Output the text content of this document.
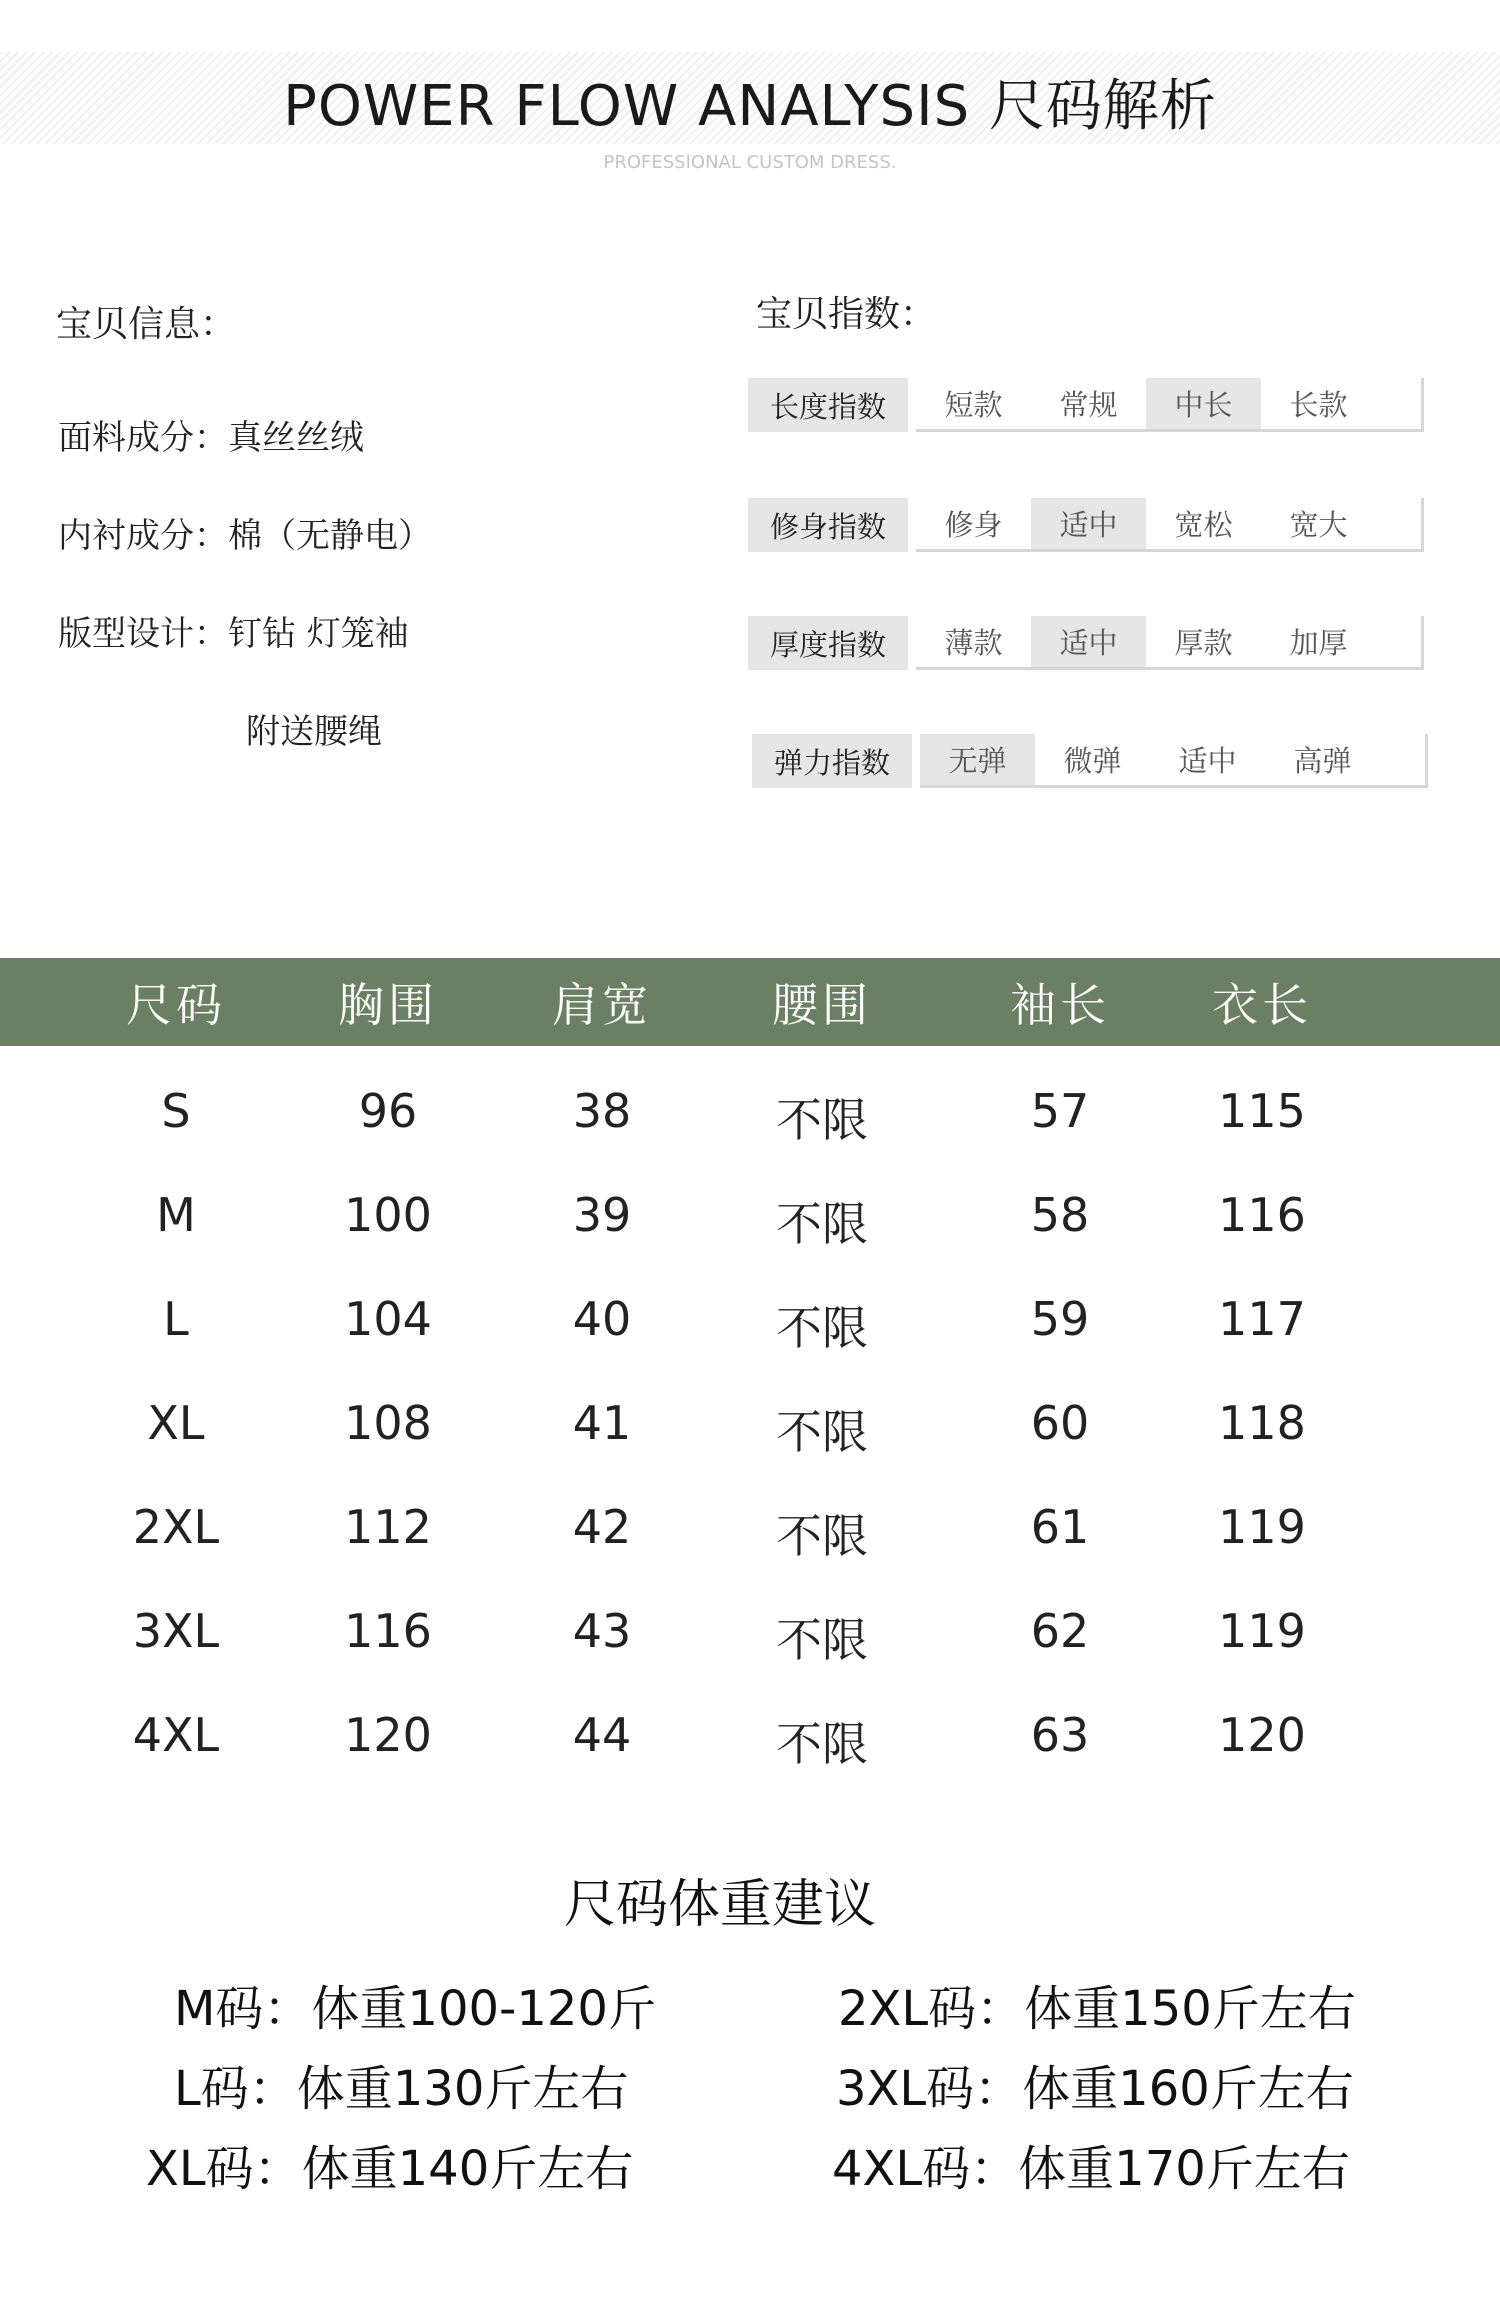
POWER FLOW ANALYSIS 尺码解析
PROFESSIONAL CUSTOM DRESS.
宝贝信息：
面料成分：真丝丝绒
内衬成分：棉（无静电）
版型设计：钉钻 灯笼袖
附送腰绳
宝贝指数：
长度指数	短款	常规	中长	长款
修身指数	修身	适中	宽松	宽大
厚度指数	薄款	适中	厚款	加厚
弹力指数	无弹	微弹	适中	高弹
尺码	胸围	肩宽	腰围	袖长	衣长
S	96	38	不限	57	115
M	100	39	不限	58	116
L	104	40	不限	59	117
XL	108	41	不限	60	118
2XL	112	42	不限	61	119
3XL	116	43	不限	62	119
4XL	120	44	不限	63	120
尺码体重建议
M码：体重100-120斤
L码：体重130斤左右
XL码：体重140斤左右
2XL码：体重150斤左右
3XL码：体重160斤左右
4XL码：体重170斤左右
